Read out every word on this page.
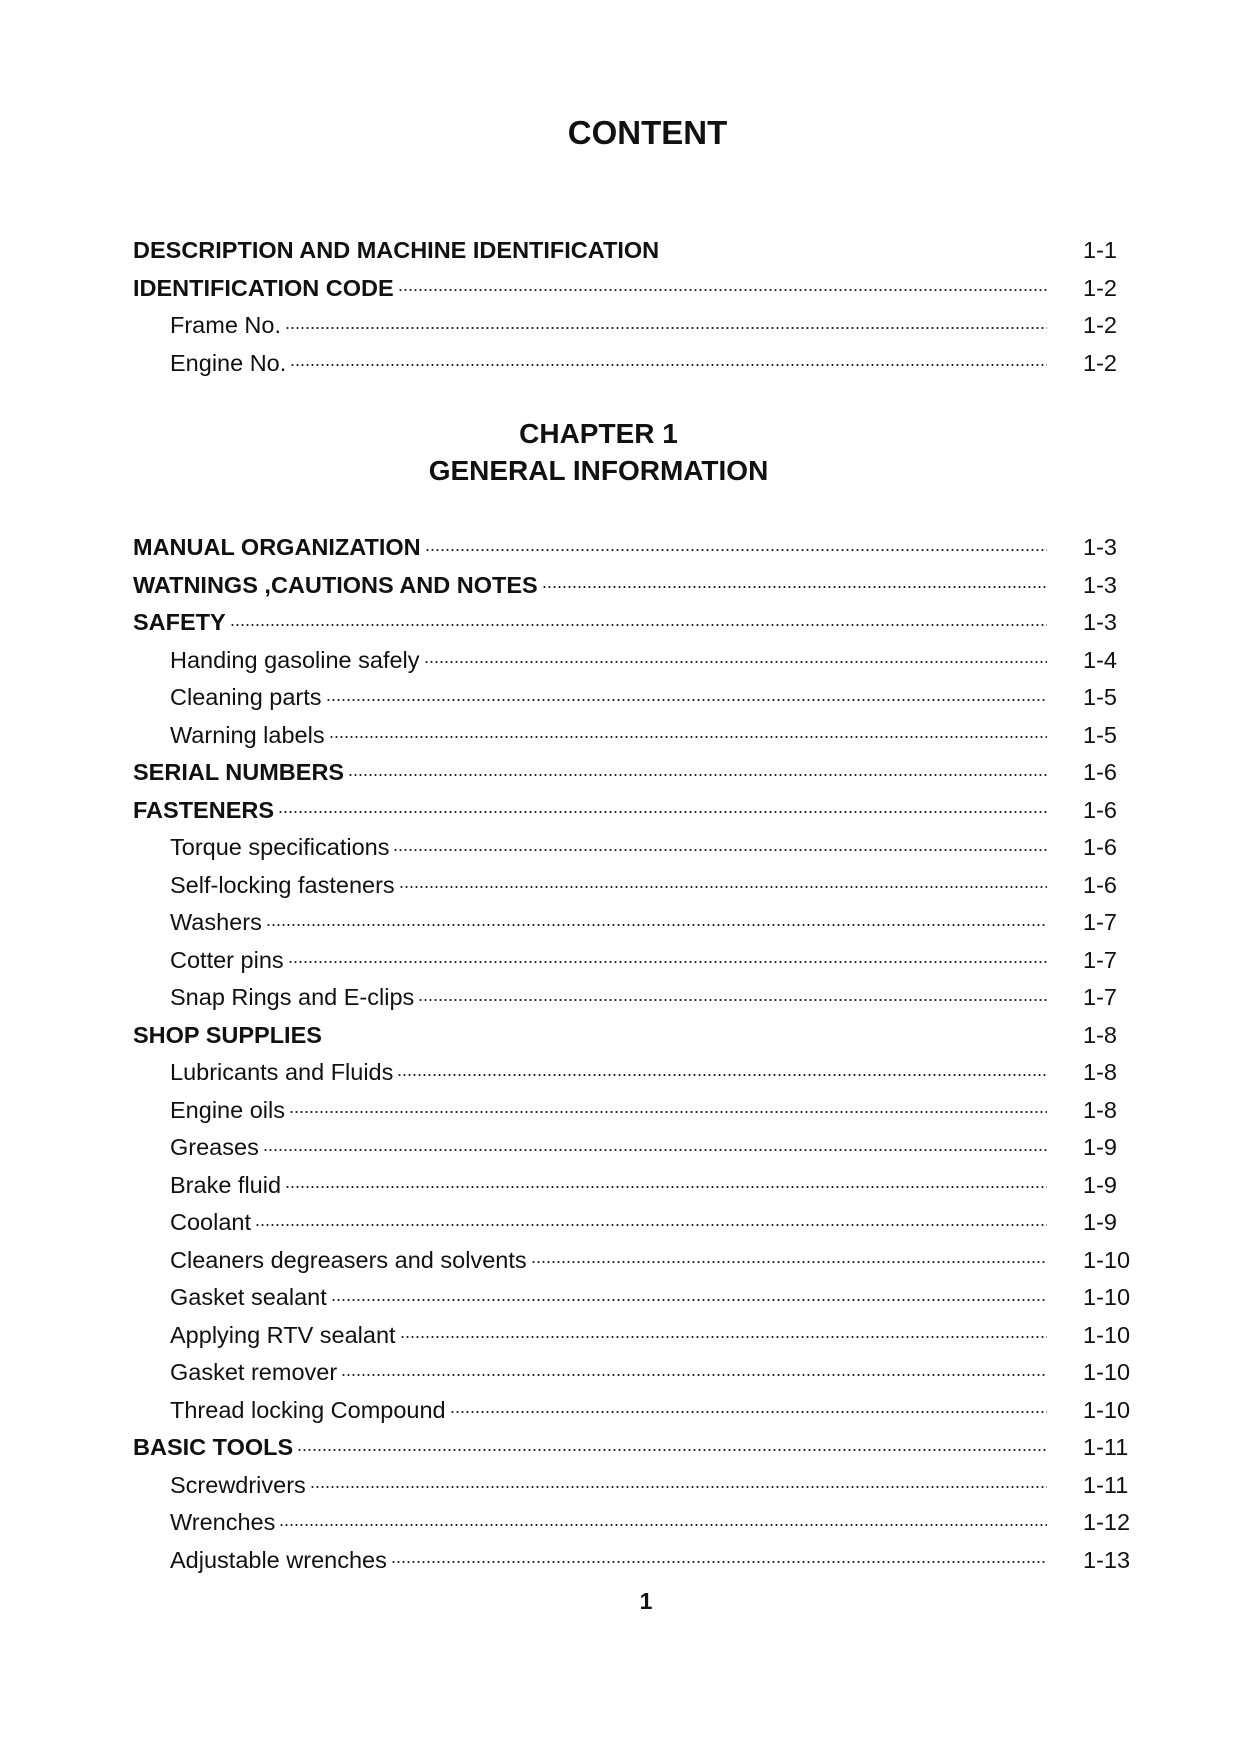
CONTENT
DESCRIPTION AND MACHINE IDENTIFICATION	1-1
IDENTIFICATION CODE	1-2
Frame No.	1-2
Engine No.	1-2
CHAPTER 1
GENERAL INFORMATION
MANUAL ORGANIZATION	1-3
WATNINGS ,CAUTIONS AND NOTES	1-3
SAFETY	1-3
Handing gasoline safely	1-4
Cleaning parts	1-5
Warning labels	1-5
SERIAL NUMBERS	1-6
FASTENERS	1-6
Torque specifications	1-6
Self-locking fasteners	1-6
Washers	1-7
Cotter pins	1-7
Snap Rings and E-clips	1-7
SHOP SUPPLIES	1-8
Lubricants and Fluids	1-8
Engine oils	1-8
Greases	1-9
Brake fluid	1-9
Coolant	1-9
Cleaners degreasers and solvents	1-10
Gasket sealant	1-10
Applying RTV sealant	1-10
Gasket remover	1-10
Thread locking Compound	1-10
BASIC TOOLS	1-11
Screwdrivers	1-11
Wrenches	1-12
Adjustable wrenches	1-13
1
